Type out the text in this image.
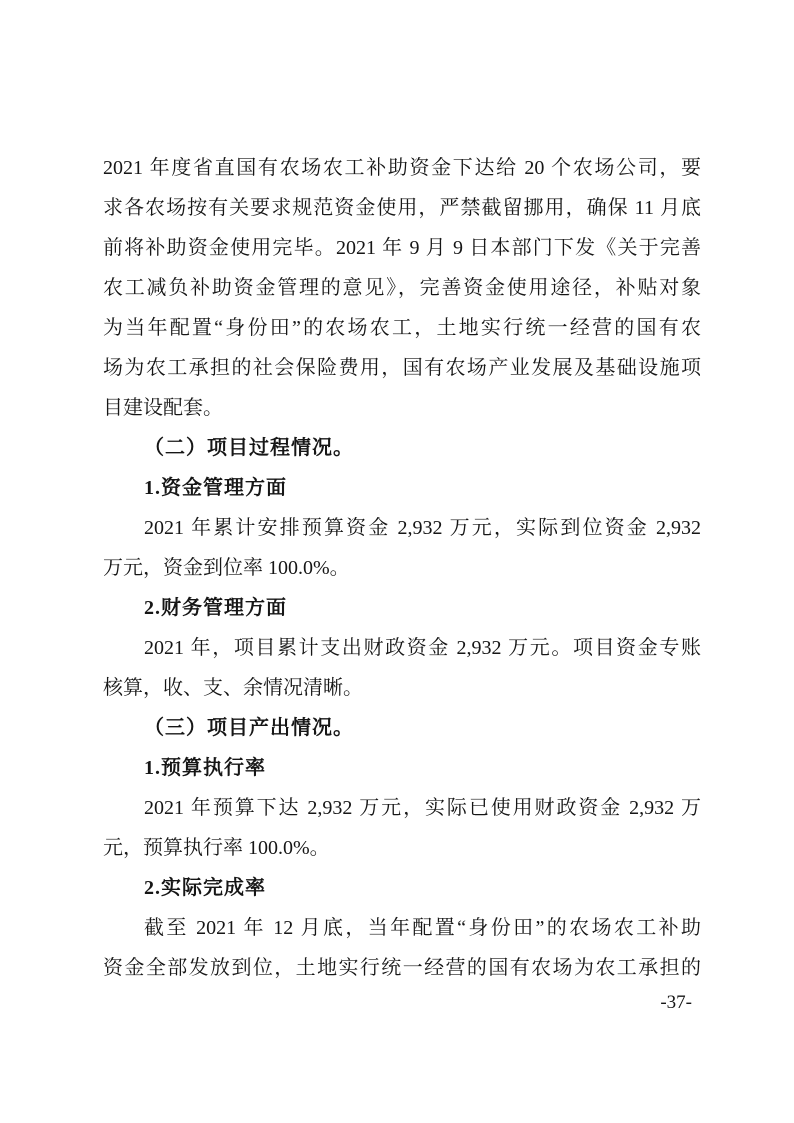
2021 年度省直国有农场农工补助资金下达给 20 个农场公司，要
求各农场按有关要求规范资金使用，严禁截留挪用，确保 11 月底
前将补助资金使用完毕。2021 年 9 月 9 日本部门下发《关于完善
农工减负补助资金管理的意见》，完善资金使用途径，补贴对象
为当年配置“身份田”的农场农工，土地实行统一经营的国有农
场为农工承担的社会保险费用，国有农场产业发展及基础设施项
目建设配套。
（二）项目过程情况。
1.资金管理方面
2021 年累计安排预算资金 2,932 万元，实际到位资金 2,932
万元，资金到位率 100.0%。
2.财务管理方面
2021 年，项目累计支出财政资金 2,932 万元。项目资金专账
核算，收、支、余情况清晰。
（三）项目产出情况。
1.预算执行率
2021 年预算下达 2,932 万元，实际已使用财政资金 2,932 万
元，预算执行率 100.0%。
2.实际完成率
截至 2021 年 12 月底，当年配置“身份田”的农场农工补助
资金全部发放到位，土地实行统一经营的国有农场为农工承担的
-37-
